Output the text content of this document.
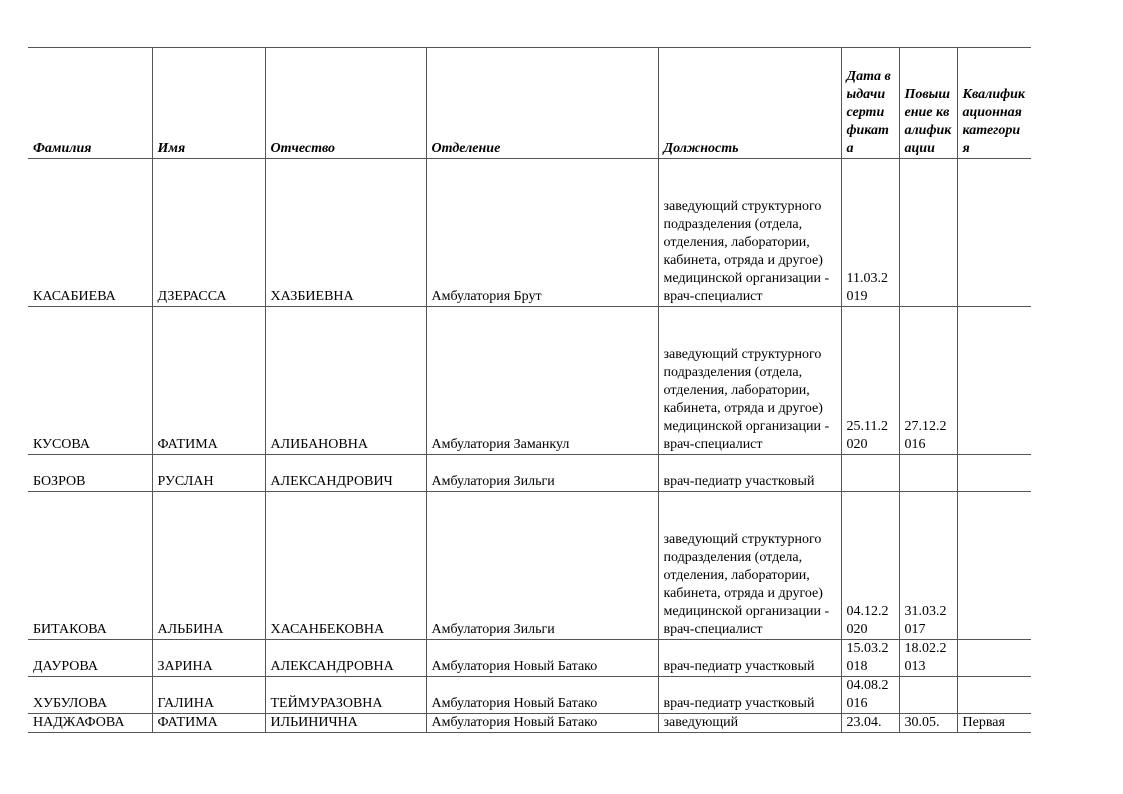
Фамилия	Имя	Отчество	Отделение	Должность	Дата выдачи сертификата	Повышение квалификации	Квалификационная категория
КАСАБИЕВА	ДЗЕРАССА	ХАЗБИЕВНА	Амбулатория Брут	заведующий структурного подразделения (отдела, отделения, лаборатории, кабинета, отряда и другое) медицинской организации - врач-специалист	11.03.2019		
КУСОВА	ФАТИМА	АЛИБАНОВНА	Амбулатория Заманкул	заведующий структурного подразделения (отдела, отделения, лаборатории, кабинета, отряда и другое) медицинской организации - врач-специалист	25.11.2020	27.12.2016	
БОЗРОВ	РУСЛАН	АЛЕКСАНДРОВИЧ	Амбулатория Зильги	врач-педиатр участковый			
БИТАКОВА	АЛЬБИНА	ХАСАНБЕКОВНА	Амбулатория Зильги	заведующий структурного подразделения (отдела, отделения, лаборатории, кабинета, отряда и другое) медицинской организации - врач-специалист	04.12.2020	31.03.2017	
ДАУРОВА	ЗАРИНА	АЛЕКСАНДРОВНА	Амбулатория Новый Батако	врач-педиатр участковый	15.03.2018	18.02.2013	
ХУБУЛОВА	ГАЛИНА	ТЕЙМУРАЗОВНА	Амбулатория Новый Батако	врач-педиатр участковый	04.08.2016		
НАДЖАФОВА	ФАТИМА	ИЛЬИНИЧНА	Амбулатория Новый Батако	заведующий	23.04.	30.05.	Первая
